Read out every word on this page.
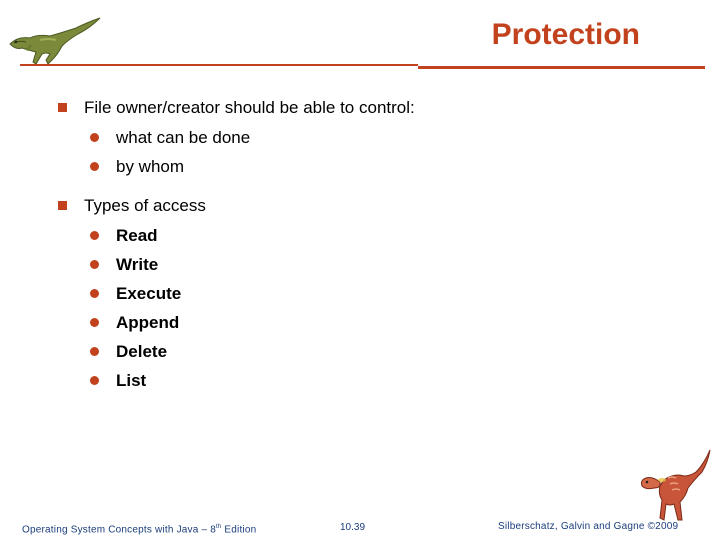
Protection
File owner/creator should be able to control:
what can be done
by whom
Types of access
Read
Write
Execute
Append
Delete
List
Operating System Concepts with Java – 8th Edition	10.39	Silberschatz, Galvin and Gagne ©2009
